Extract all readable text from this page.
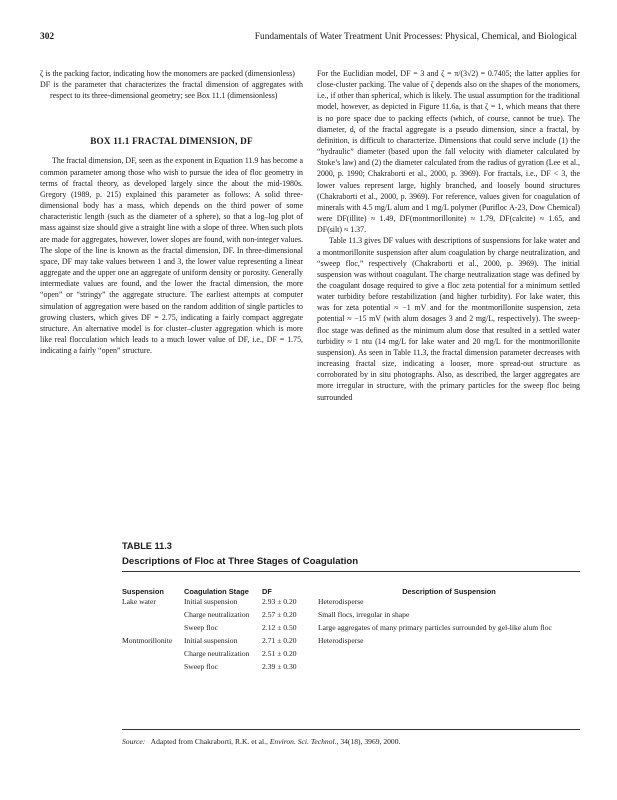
302	Fundamentals of Water Treatment Unit Processes: Physical, Chemical, and Biological

ζ is the packing factor, indicating how the monomers are packed (dimensionless)

DF is the parameter that characterizes the fractal dimension of aggregates with respect to its three-dimensional geometry; see Box 11.1 (dimensionless)

BOX 11.1 FRACTAL DIMENSION, DF

The fractal dimension, DF, seen as the exponent in Equation 11.9 has become a common parameter among those who wish to pursue the idea of floc geometry in terms of fractal theory, as developed largely since the about the mid-1980s. Gregory (1989, p. 215) explained this parameter as follows: A solid three-dimensional body has a mass, which depends on the third power of some characteristic length (such as the diameter of a sphere), so that a log–log plot of mass against size should give a straight line with a slope of three. When such plots are made for aggregates, however, lower slopes are found, with non-integer values. The slope of the line is known as the fractal dimension, DF. In three-dimensional space, DF may take values between 1 and 3, the lower value representing a linear aggregate and the upper one an aggregate of uniform density or porosity. Generally intermediate values are found, and the lower the fractal dimension, the more “open” or “stringy” the aggregate structure. The earliest attempts at computer simulation of aggregation were based on the random addition of single particles to growing clusters, which gives DF = 2.75, indicating a fairly compact aggregate structure. An alternative model is for cluster–cluster aggregation which is more like real flocculation which leads to a much lower value of DF, i.e., DF = 1.75, indicating a fairly “open” structure.

For the Euclidian model, DF = 3 and ζ = π/(3√2) = 0.7405; the latter applies for close-cluster packing. The value of ζ depends also on the shapes of the monomers, i.e., if other than spherical, which is likely. The usual assumption for the traditional model, however, as depicted in Figure 11.6a, is that ζ = 1, which means that there is no pore space due to packing effects (which, of course, cannot be true). The diameter, d, of the fractal aggregate is a pseudo dimension, since a fractal, by definition, is difficult to characterize. Dimensions that could serve include (1) the “hydraulic” diameter (based upon the fall velocity with diameter calculated by Stoke’s law) and (2) the diameter calculated from the radius of gyration (Lee et al., 2000, p. 1990; Chakraborti et al., 2000, p. 3969). For fractals, i.e., DF < 3, the lower values represent large, highly branched, and loosely bound structures (Chakraborti et al., 2000, p. 3969). For reference, values given for coagulation of minerals with 4.5 mg/L alum and 1 mg/L polymer (Purifloc A-23, Dow Chemical) were DF(illite) ≈ 1.49, DF(montmorillonite) ≈ 1.79, DF(calcite) ≈ 1.65, and DF(silt) ≈ 1.37.

Table 11.3 gives DF values with descriptions of suspensions for lake water and a montmorillonite suspension after alum coagulation by charge neutralization, and “sweep floc,” respectively (Chakraborti et al., 2000, p. 3969). The initial suspension was without coagulant. The charge neutralization stage was defined by the coagulant dosage required to give a floc zeta potential for a minimum settled water turbidity before restabilization (and higher turbidity). For lake water, this was for zeta potential ≈ −1 mV and for the montmorillonite suspension, zeta potential ≈ −15 mV (with alum dosages 3 and 2 mg/L, respectively). The sweep-floc stage was defined as the minimum alum dose that resulted in a settled water turbidity ≈ 1 ntu (14 mg/L for lake water and 20 mg/L for the montmorillonite suspension). As seen in Table 11.3, the fractal dimension parameter decreases with increasing fractal size, indicating a looser, more spread-out structure as corroborated by in situ photographs. Also, as described, the larger aggregates are more irregular in structure, with the primary particles for the sweep floc being surrounded

TABLE 11.3
Descriptions of Floc at Three Stages of Coagulation
Suspension	Coagulation Stage	DF	Description of Suspension
Lake water	Initial suspension	2.93 ± 0.20	Heterodisperse
	Charge neutralization	2.57 ± 0.20	Small flocs, irregular in shape
	Sweep floc	2.12 ± 0.50	Large aggregates of many primary particles surrounded by gel-like alum floc
Montmorillonite	Initial suspension	2.71 ± 0.20	Heterodisperse
	Charge neutralization	2.51 ± 0.20	
	Sweep floc	2.39 ± 0.30	
Source: Adapted from Chakraborti, R.K. et al., Environ. Sci. Technol., 34(18), 3969, 2000.
